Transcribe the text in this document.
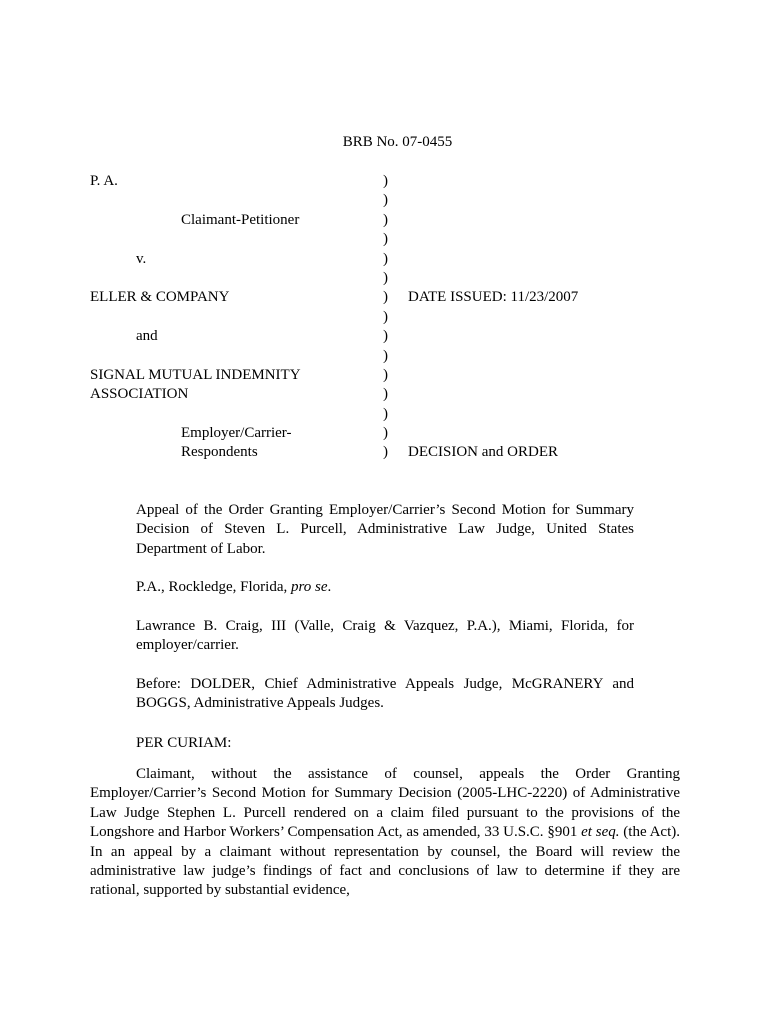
BRB No. 07-0455
P. A.
Claimant-Petitioner
v.
ELLER & COMPANY
and
SIGNAL MUTUAL INDEMNITY
ASSOCIATION
Employer/Carrier-
Respondents
)
)
)
)
)
)
)
)
)
)
)
)
)
)
)
DATE ISSUED: 11/23/2007
DECISION and ORDER

Appeal of the Order Granting Employer/Carrier’s Second Motion for Summary Decision of Steven L. Purcell, Administrative Law Judge, United States Department of Labor.

P.A., Rockledge, Florida, pro se.

Lawrance B. Craig, III (Valle, Craig & Vazquez, P.A.), Miami, Florida, for employer/carrier.

Before: DOLDER, Chief Administrative Appeals Judge, McGRANERY and BOGGS, Administrative Appeals Judges.

PER CURIAM:

Claimant, without the assistance of counsel, appeals the Order Granting Employer/Carrier’s Second Motion for Summary Decision (2005-LHC-2220) of Administrative Law Judge Stephen L. Purcell rendered on a claim filed pursuant to the provisions of the Longshore and Harbor Workers’ Compensation Act, as amended, 33 U.S.C. §901 et seq. (the Act). In an appeal by a claimant without representation by counsel, the Board will review the administrative law judge’s findings of fact and conclusions of law to determine if they are rational, supported by substantial evidence,
